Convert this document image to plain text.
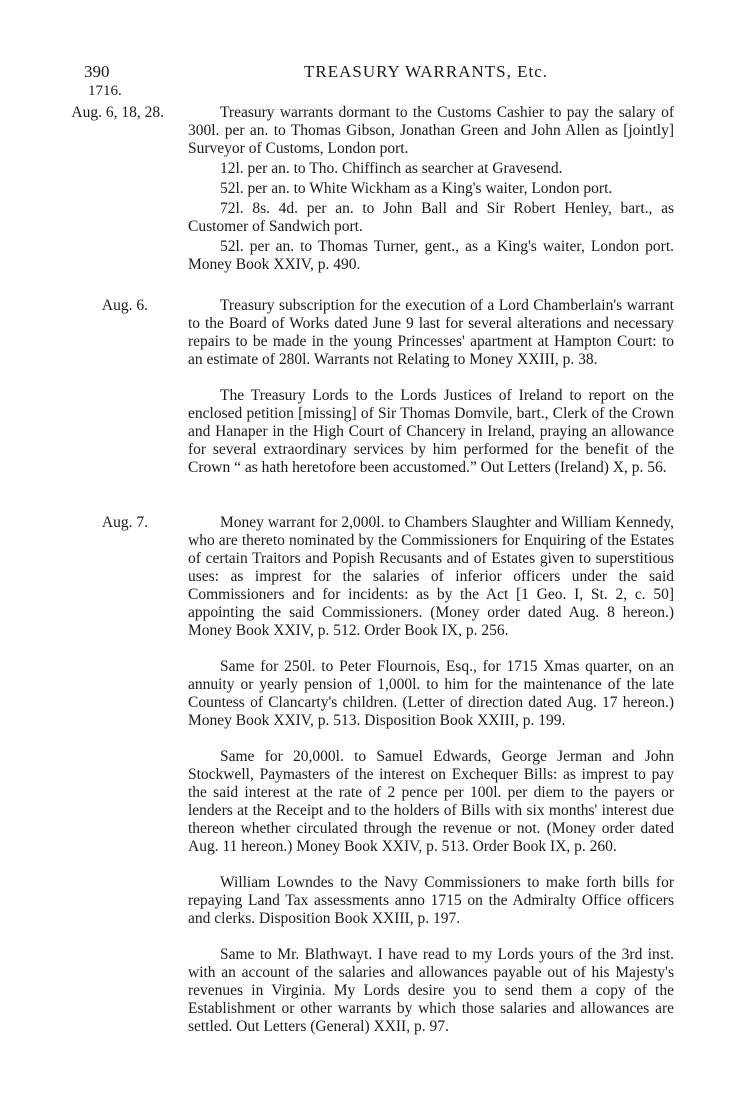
390	TREASURY WARRANTS, Etc.
1716.
Aug. 6, 18, 28.	Treasury warrants dormant to the Customs Cashier to pay the salary of 300l. per an. to Thomas Gibson, Jonathan Green and John Allen as [jointly] Surveyor of Customs, London port.

12l. per an. to Tho. Chiffinch as searcher at Gravesend.

52l. per an. to White Wickham as a King's waiter, London port.

72l. 8s. 4d. per an. to John Ball and Sir Robert Henley, bart., as Customer of Sandwich port.

52l. per an. to Thomas Turner, gent., as a King's waiter, London port. Money Book XXIV, p. 490.

Aug. 6.	Treasury subscription for the execution of a Lord Chamberlain's warrant to the Board of Works dated June 9 last for several alterations and necessary repairs to be made in the young Princesses' apartment at Hampton Court: to an estimate of 280l. Warrants not Relating to Money XXIII, p. 38.

The Treasury Lords to the Lords Justices of Ireland to report on the enclosed petition [missing] of Sir Thomas Domvile, bart., Clerk of the Crown and Hanaper in the High Court of Chancery in Ireland, praying an allowance for several extraordinary services by him performed for the benefit of the Crown “ as hath heretofore been accustomed.” Out Letters (Ireland) X, p. 56.

Aug. 7.	Money warrant for 2,000l. to Chambers Slaughter and William Kennedy, who are thereto nominated by the Commissioners for Enquiring of the Estates of certain Traitors and Popish Recusants and of Estates given to superstitious uses: as imprest for the salaries of inferior officers under the said Commissioners and for incidents: as by the Act [1 Geo. I, St. 2, c. 50] appointing the said Commissioners. (Money order dated Aug. 8 hereon.) Money Book XXIV, p. 512. Order Book IX, p. 256.

Same for 250l. to Peter Flournois, Esq., for 1715 Xmas quarter, on an annuity or yearly pension of 1,000l. to him for the maintenance of the late Countess of Clancarty's children. (Letter of direction dated Aug. 17 hereon.) Money Book XXIV, p. 513. Disposition Book XXIII, p. 199.

Same for 20,000l. to Samuel Edwards, George Jerman and John Stockwell, Paymasters of the interest on Exchequer Bills: as imprest to pay the said interest at the rate of 2 pence per 100l. per diem to the payers or lenders at the Receipt and to the holders of Bills with six months' interest due thereon whether circulated through the revenue or not. (Money order dated Aug. 11 hereon.) Money Book XXIV, p. 513. Order Book IX, p. 260.

William Lowndes to the Navy Commissioners to make forth bills for repaying Land Tax assessments anno 1715 on the Admiralty Office officers and clerks. Disposition Book XXIII, p. 197.

Same to Mr. Blathwayt. I have read to my Lords yours of the 3rd inst. with an account of the salaries and allowances payable out of his Majesty's revenues in Virginia. My Lords desire you to send them a copy of the Establishment or other warrants by which those salaries and allowances are settled. Out Letters (General) XXII, p. 97.
